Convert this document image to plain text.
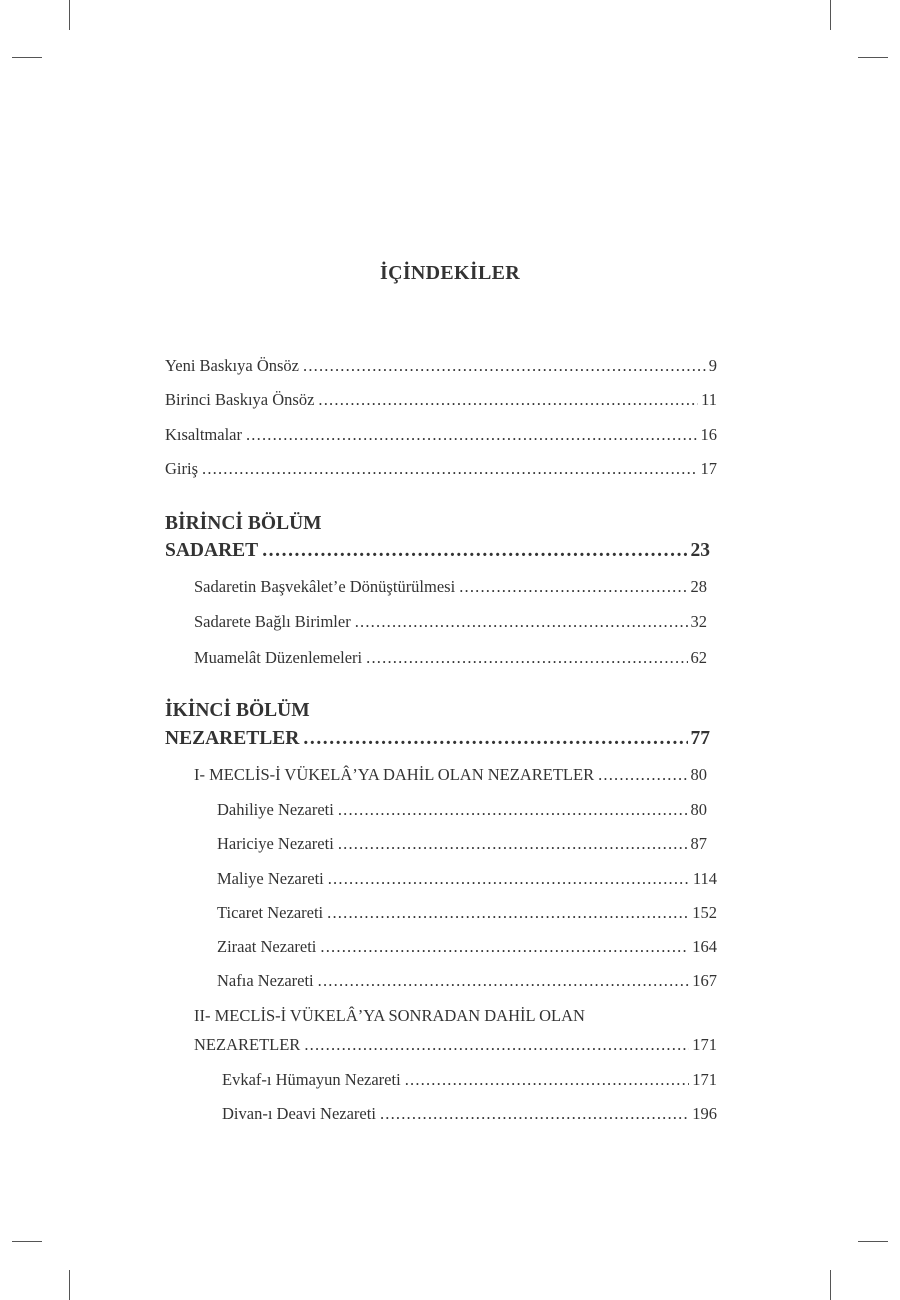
İÇİNDEKİLER
Yeni Baskıya Önsöz .....	9
Birinci Baskıya Önsöz .....	11
Kısaltmalar .....	16
Giriş .....	17
BİRİNCİ BÖLÜM
SADARET .....	23
Sadaretin Başvekâlet’e Dönüştürülmesi .....	28
Sadarete Bağlı Birimler .....	32
Muamelât Düzenlemeleri .....	62
İKİNCİ BÖLÜM
NEZARETLER .....	77
I- MECLİS-İ VÜKELÂ’YA DAHİL OLAN NEZARETLER .....	80
Dahiliye Nezareti .....	80
Hariciye Nezareti .....	87
Maliye Nezareti .....	114
Ticaret Nezareti .....	152
Ziraat Nezareti .....	164
Nafıa Nezareti .....	167
II- MECLİS-İ VÜKELÂ’YA SONRADAN DAHİL OLAN
NEZARETLER .....	171
Evkaf-ı Hümayun Nezareti .....	171
Divan-ı Deavi Nezareti .....	196
